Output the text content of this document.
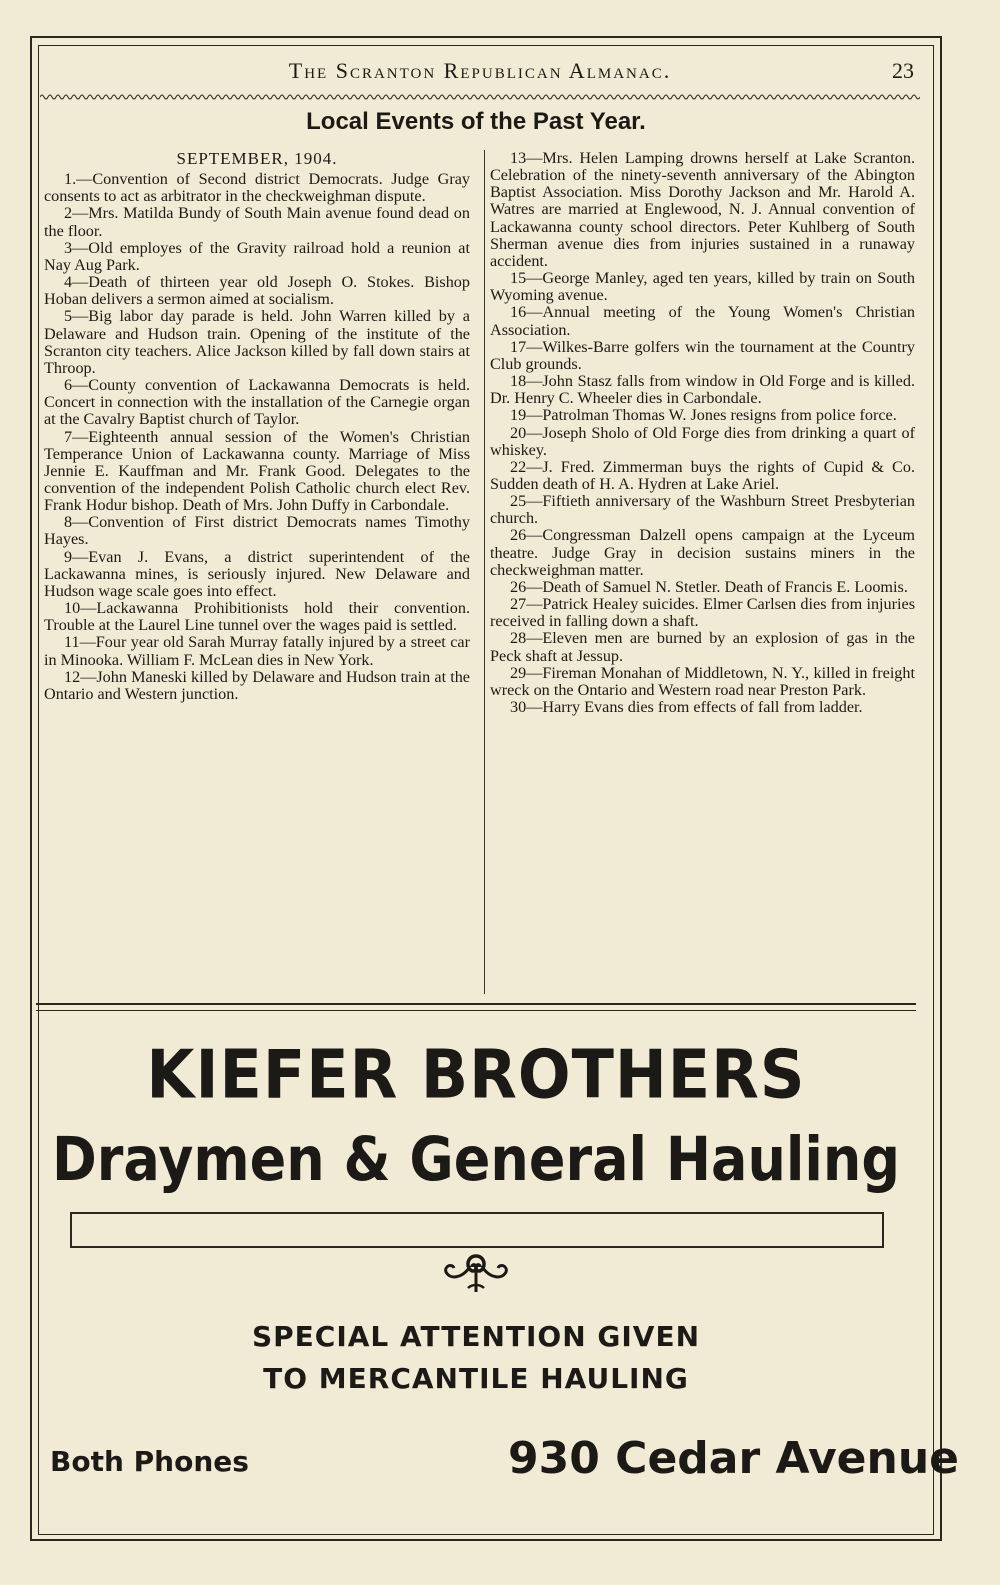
The Scranton Republican Almanac.	23
Local Events of the Past Year.
SEPTEMBER, 1904.

1.—Convention of Second district Democrats. Judge Gray consents to act as arbitrator in the checkweighman dispute.

2—Mrs. Matilda Bundy of South Main avenue found dead on the floor.

3—Old employes of the Gravity railroad hold a reunion at Nay Aug Park.

4—Death of thirteen year old Joseph O. Stokes. Bishop Hoban delivers a sermon aimed at socialism.

5—Big labor day parade is held. John Warren killed by a Delaware and Hudson train. Opening of the institute of the Scranton city teachers. Alice Jackson killed by fall down stairs at Throop.

6—County convention of Lackawanna Democrats is held. Concert in connection with the installation of the Carnegie organ at the Cavalry Baptist church of Taylor.

7—Eighteenth annual session of the Women's Christian Temperance Union of Lackawanna county. Marriage of Miss Jennie E. Kauffman and Mr. Frank Good. Delegates to the convention of the independent Polish Catholic church elect Rev. Frank Hodur bishop. Death of Mrs. John Duffy in Carbondale.

8—Convention of First district Democrats names Timothy Hayes.

9—Evan J. Evans, a district superintendent of the Lackawanna mines, is seriously injured. New Delaware and Hudson wage scale goes into effect.

10—Lackawanna Prohibitionists hold their convention. Trouble at the Laurel Line tunnel over the wages paid is settled.

11—Four year old Sarah Murray fatally injured by a street car in Minooka. William F. McLean dies in New York.

12—John Maneski killed by Delaware and Hudson train at the Ontario and Western junction.

13—Mrs. Helen Lamping drowns herself at Lake Scranton. Celebration of the ninety-seventh anniversary of the Abington Baptist Association. Miss Dorothy Jackson and Mr. Harold A. Watres are married at Englewood, N. J. Annual convention of Lackawanna county school directors. Peter Kuhlberg of South Sherman avenue dies from injuries sustained in a runaway accident.

15—George Manley, aged ten years, killed by train on South Wyoming avenue.

16—Annual meeting of the Young Women's Christian Association.

17—Wilkes-Barre golfers win the tournament at the Country Club grounds.

18—John Stasz falls from window in Old Forge and is killed. Dr. Henry C. Wheeler dies in Carbondale.

19—Patrolman Thomas W. Jones resigns from police force.

20—Joseph Sholo of Old Forge dies from drinking a quart of whiskey.

22—J. Fred. Zimmerman buys the rights of Cupid & Co. Sudden death of H. A. Hydren at Lake Ariel.

25—Fiftieth anniversary of the Washburn Street Presbyterian church.

26—Congressman Dalzell opens campaign at the Lyceum theatre. Judge Gray in decision sustains miners in the checkweighman matter.

26—Death of Samuel N. Stetler. Death of Francis E. Loomis.

27—Patrick Healey suicides. Elmer Carlsen dies from injuries received in falling down a shaft.

28—Eleven men are burned by an explosion of gas in the Peck shaft at Jessup.

29—Fireman Monahan of Middletown, N. Y., killed in freight wreck on the Ontario and Western road near Preston Park.

30—Harry Evans dies from effects of fall from ladder.

KIEFER BROTHERS
Draymen & General Hauling
SPECIAL ATTENTION GIVEN
TO MERCANTILE HAULING
Both Phones	930 Cedar Avenue
